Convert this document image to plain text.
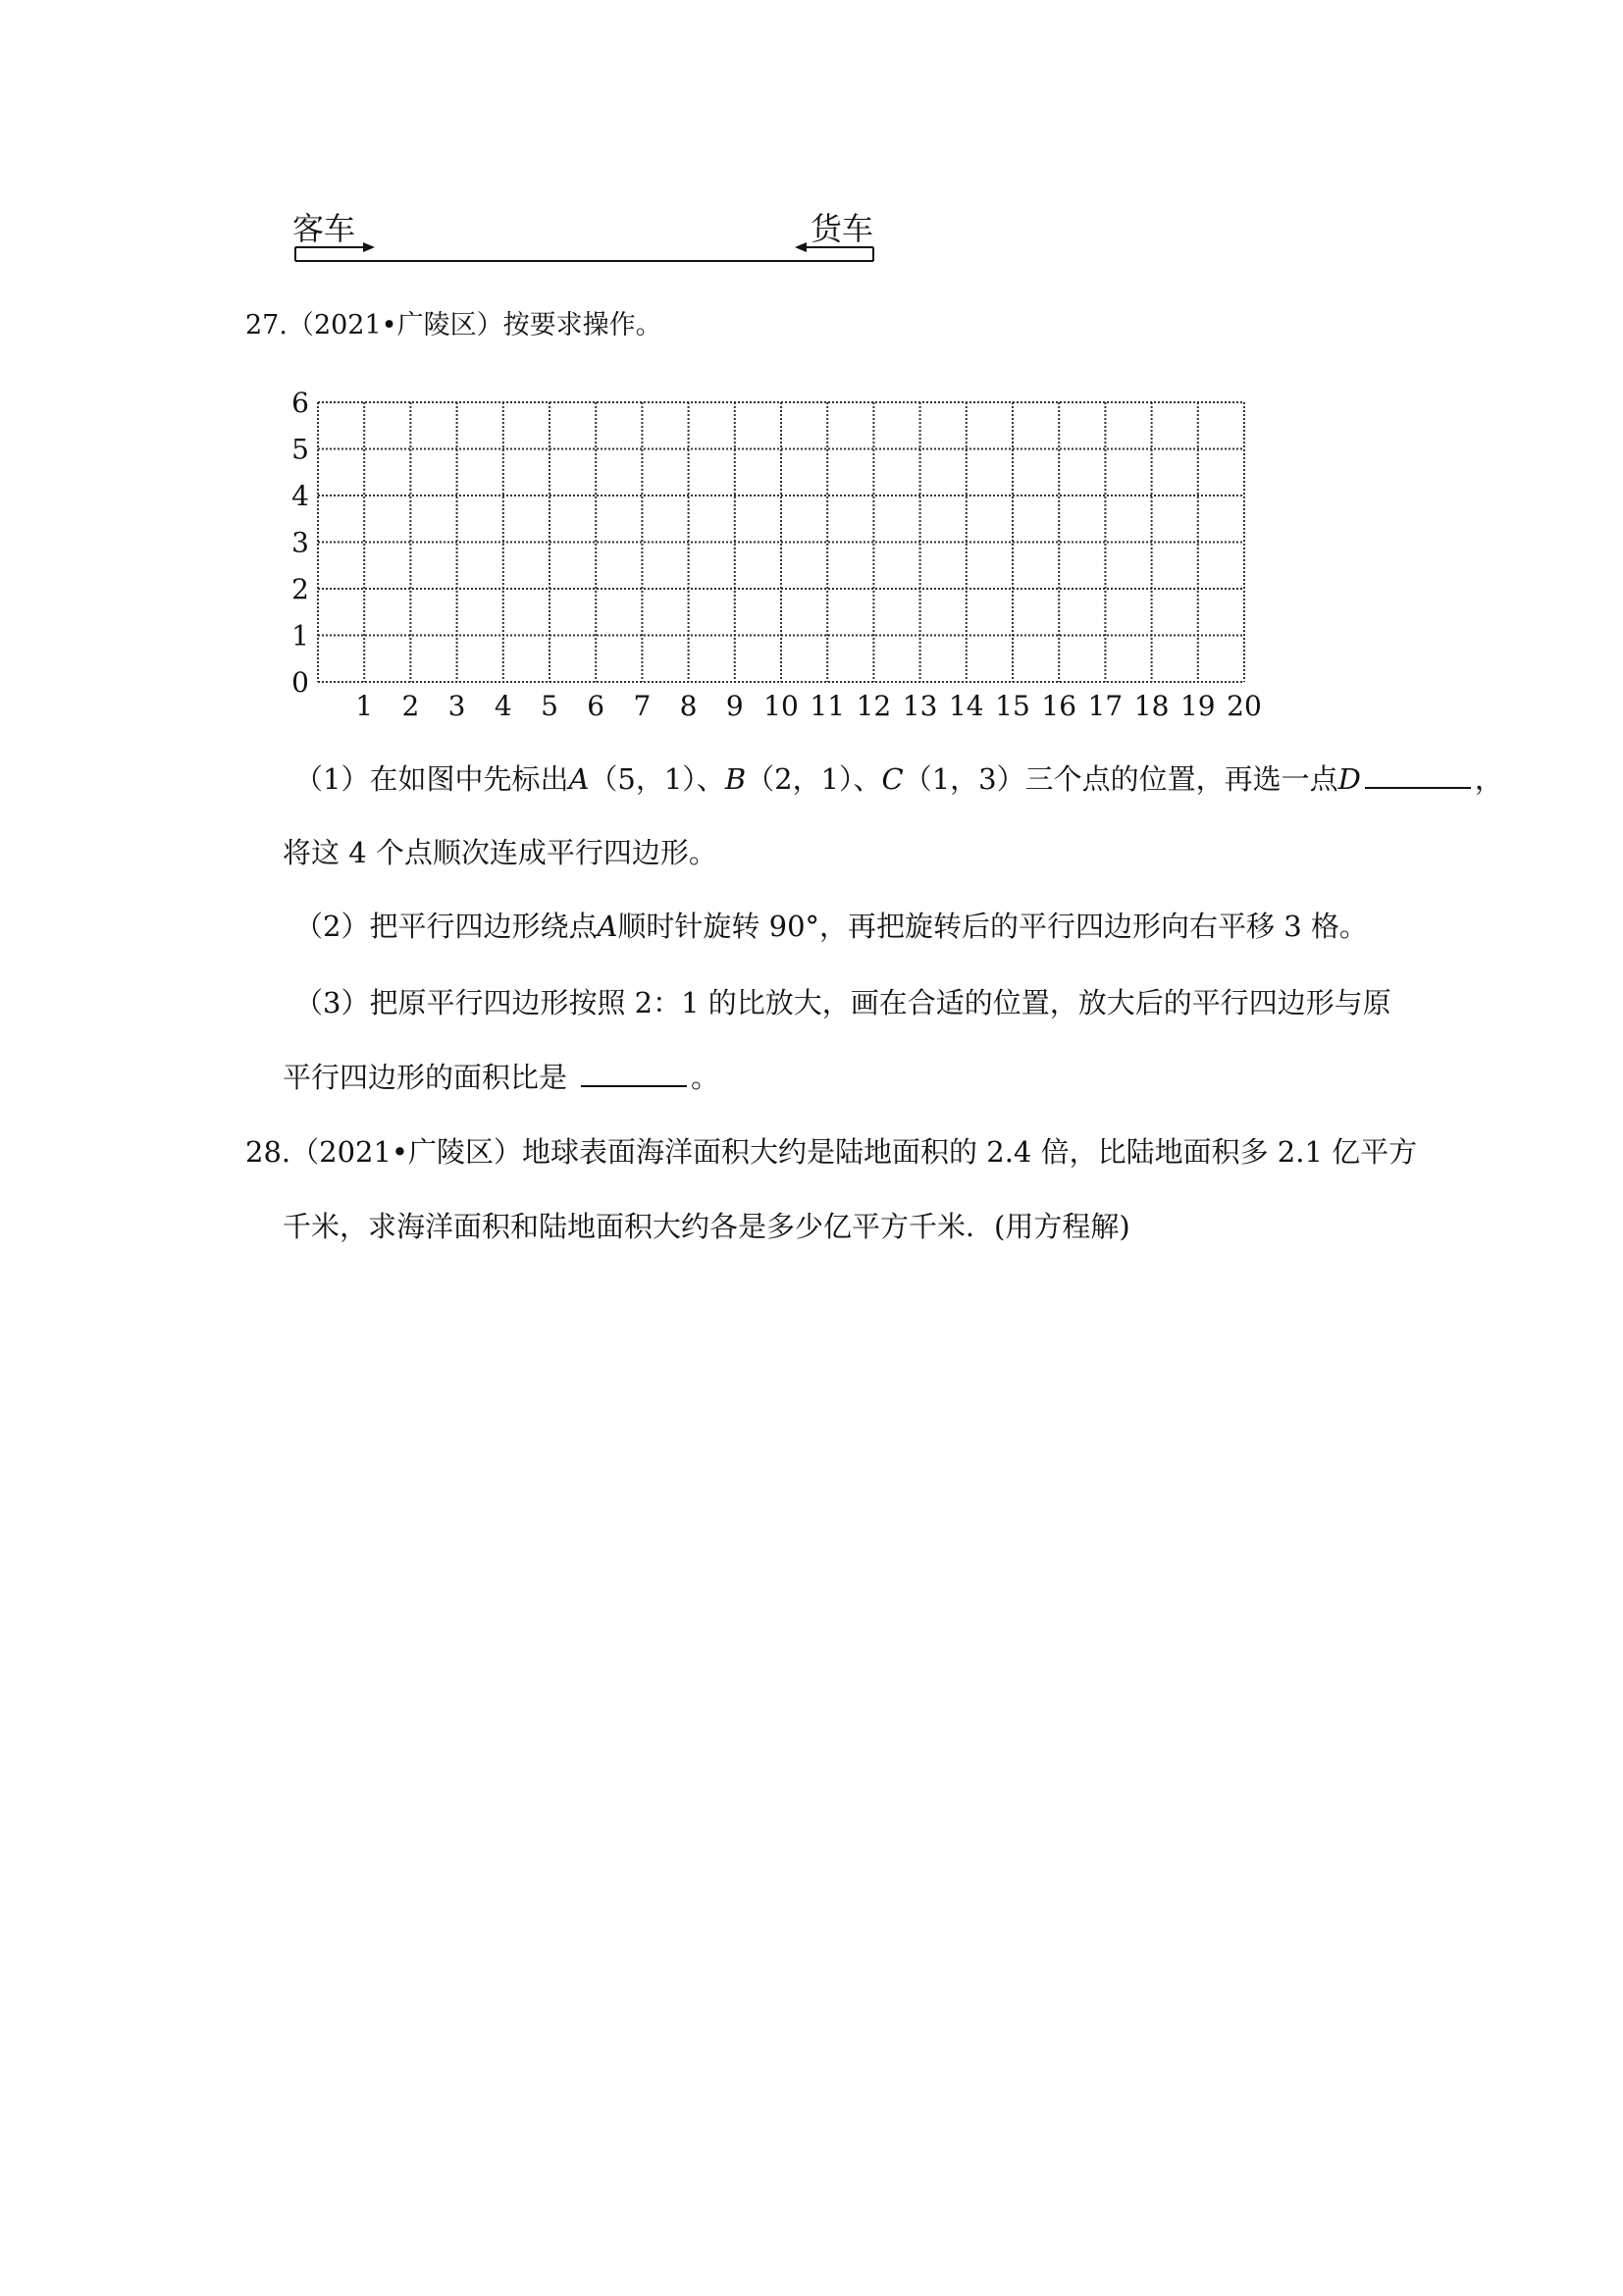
客车	货车
27.（2021•广陵区）按要求操作。
1 2 3 4 5 6 7 8 9 10 11 12 13 14 15 16 17 18 19 20
0
1
2
3
4
5
6
（1）在如图中先标出A（5，1）、B（2，1）、C（1，3）三个点的位置，再选一点D	，
将这 4 个点顺次连成平行四边形。
（2）把平行四边形绕点A顺时针旋转 90°，再把旋转后的平行四边形向右平移 3 格。
（3）把原平行四边形按照 2：1 的比放大，画在合适的位置，放大后的平行四边形与原
平行四边形的面积比是	。
28.（2021•广陵区）地球表面海洋面积大约是陆地面积的 2.4 倍，比陆地面积多 2.1 亿平方
千米，求海洋面积和陆地面积大约各是多少亿平方千米．(用方程解)
